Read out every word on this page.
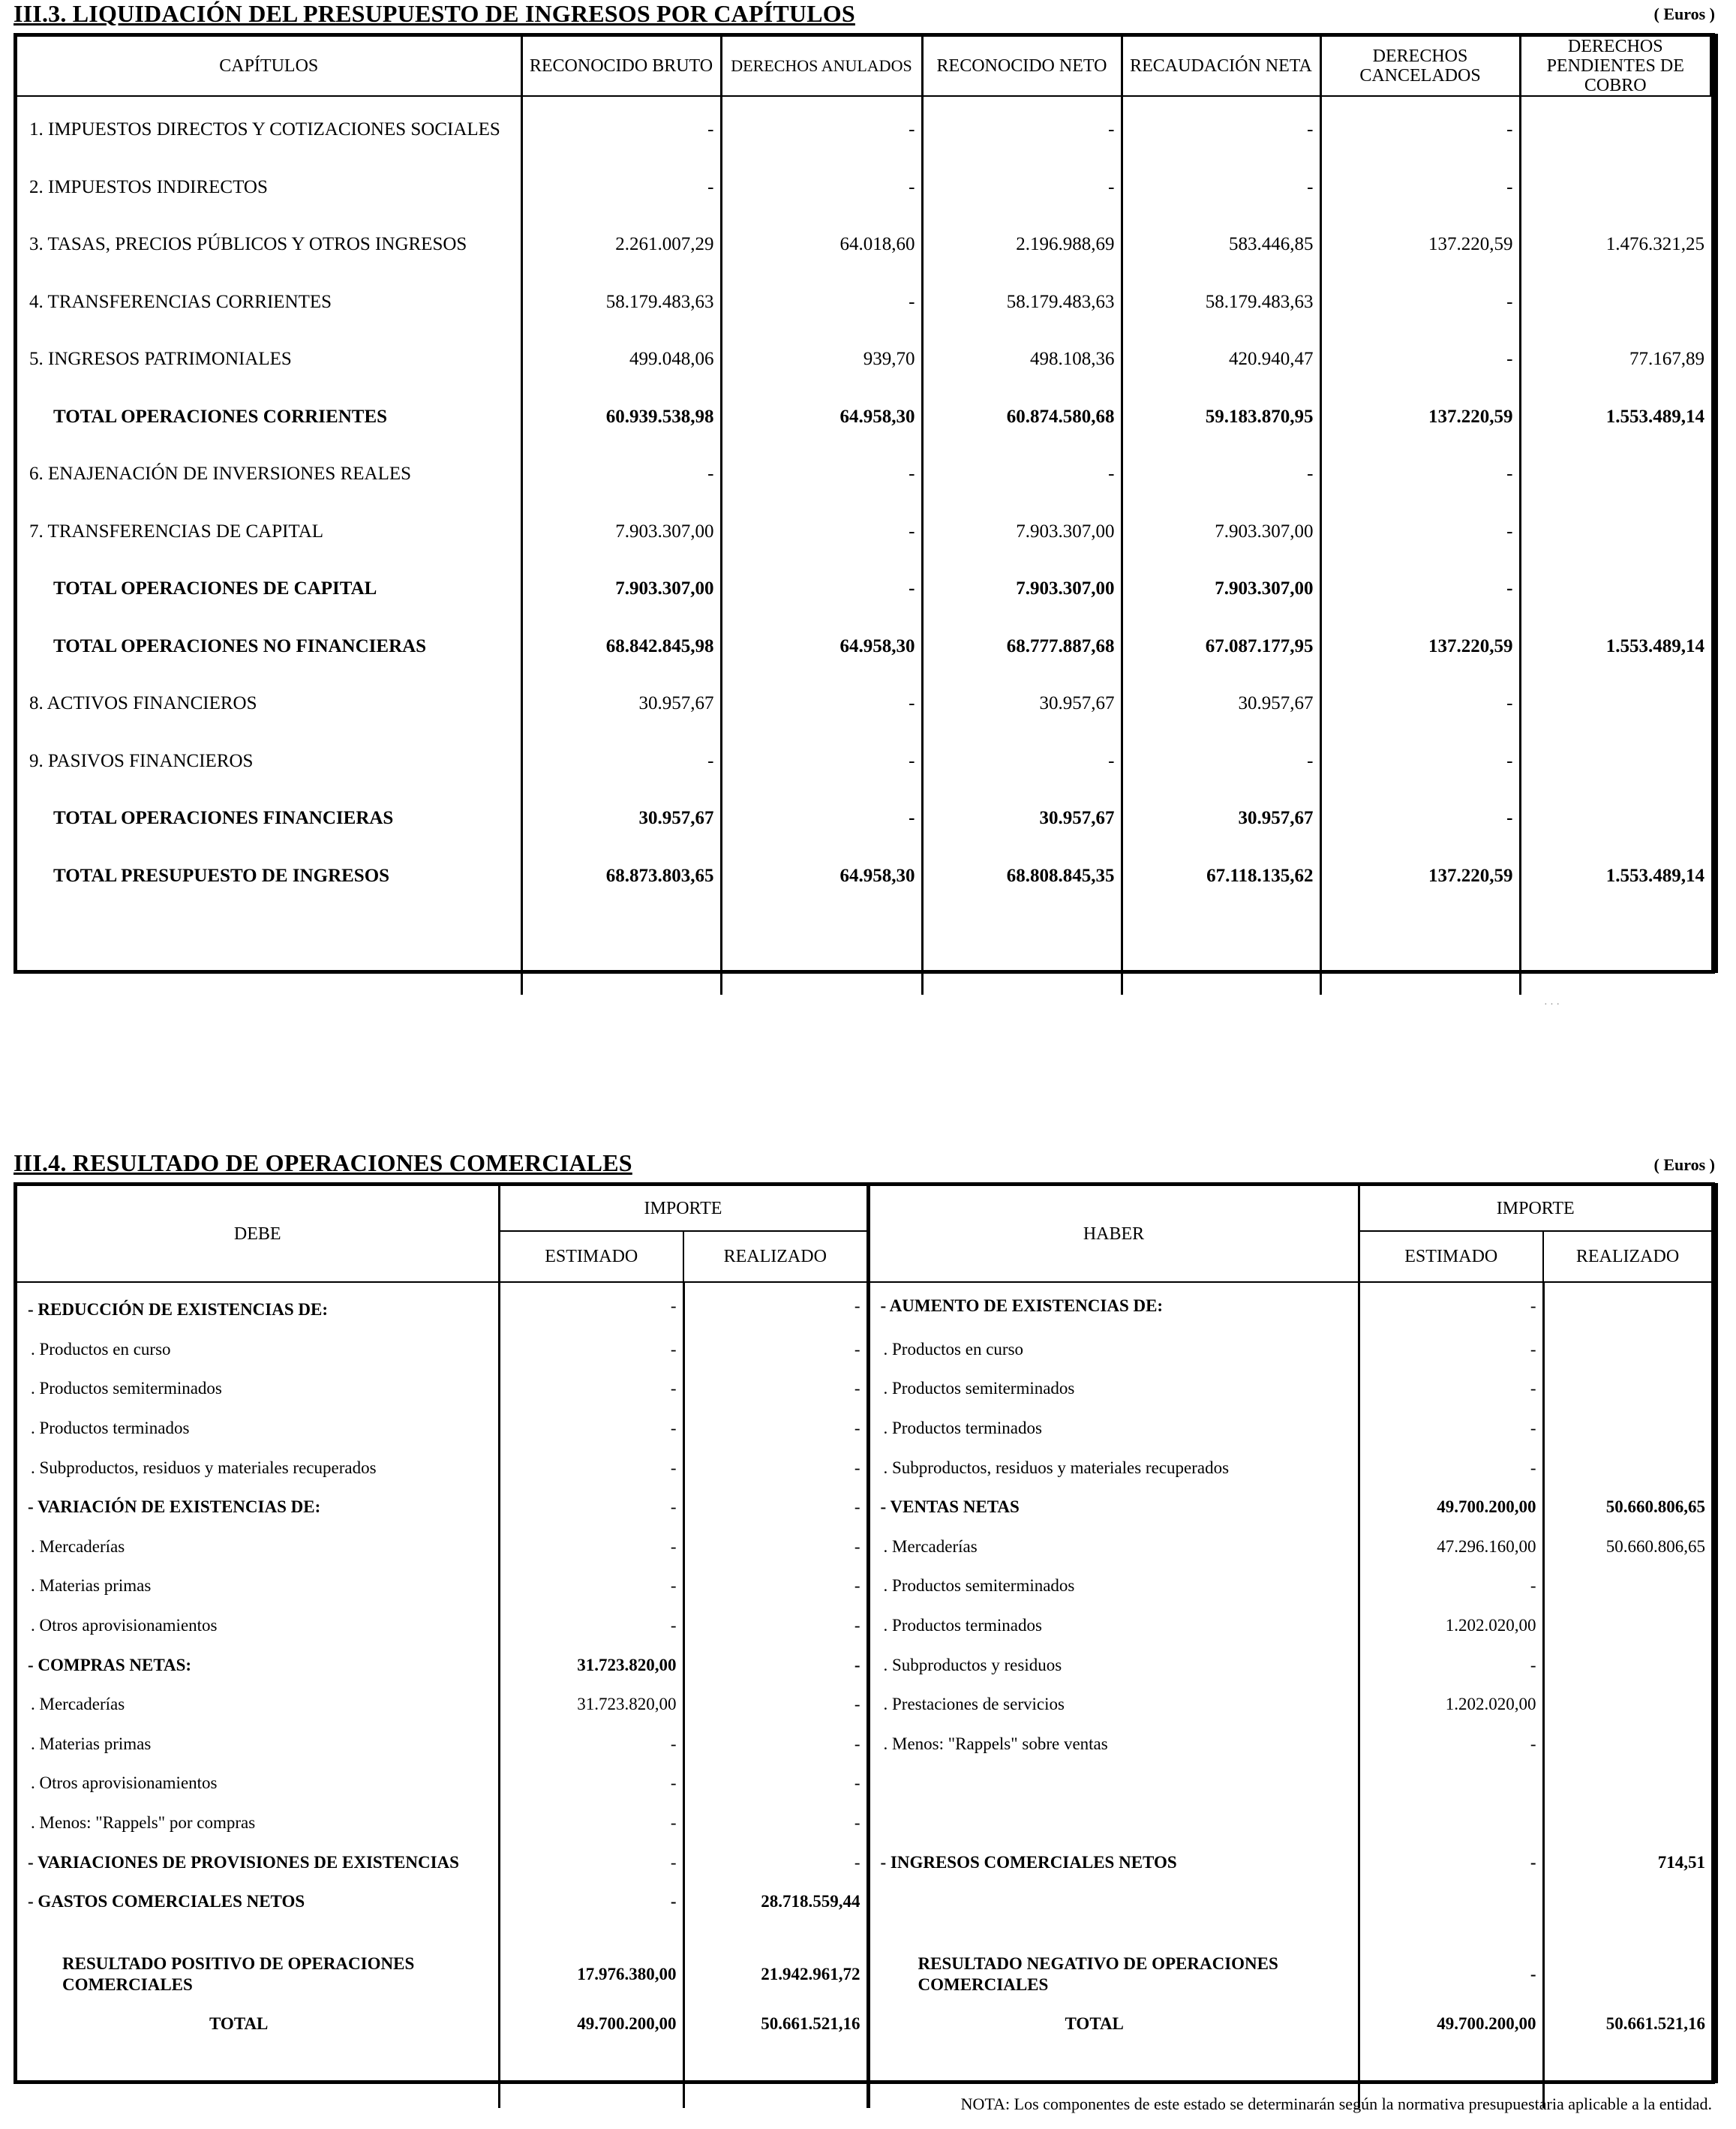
III.3. LIQUIDACIÓN DEL PRESUPUESTO DE INGRESOS POR CAPÍTULOS	( Euros )
CAPÍTULOS	RECONOCIDO BRUTO	DERECHOS ANULADOS	RECONOCIDO NETO	RECAUDACIÓN NETA	DERECHOS CANCELADOS	DERECHOS PENDIENTES DE COBRO
1. IMPUESTOS DIRECTOS Y COTIZACIONES SOCIALES	-	-	-	-	-	
2. IMPUESTOS INDIRECTOS	-	-	-	-	-	
3. TASAS, PRECIOS PÚBLICOS Y OTROS INGRESOS	2.261.007,29	64.018,60	2.196.988,69	583.446,85	137.220,59	1.476.321,25
4. TRANSFERENCIAS CORRIENTES	58.179.483,63	-	58.179.483,63	58.179.483,63	-	
5. INGRESOS PATRIMONIALES	499.048,06	939,70	498.108,36	420.940,47	-	77.167,89
TOTAL OPERACIONES CORRIENTES	60.939.538,98	64.958,30	60.874.580,68	59.183.870,95	137.220,59	1.553.489,14
6. ENAJENACIÓN DE INVERSIONES REALES	-	-	-	-	-	
7. TRANSFERENCIAS DE CAPITAL	7.903.307,00	-	7.903.307,00	7.903.307,00	-	
TOTAL OPERACIONES DE CAPITAL	7.903.307,00	-	7.903.307,00	7.903.307,00	-	
TOTAL OPERACIONES NO FINANCIERAS	68.842.845,98	64.958,30	68.777.887,68	67.087.177,95	137.220,59	1.553.489,14
8. ACTIVOS FINANCIEROS	30.957,67	-	30.957,67	30.957,67	-	
9. PASIVOS FINANCIEROS	-	-	-	-	-	
TOTAL OPERACIONES FINANCIERAS	30.957,67	-	30.957,67	30.957,67	-	
TOTAL PRESUPUESTO DE INGRESOS	68.873.803,65	64.958,30	68.808.845,35	67.118.135,62	137.220,59	1.553.489,14

· · ·
III.4. RESULTADO DE OPERACIONES COMERCIALES	( Euros )
DEBE	IMPORTE		HABER	IMPORTE	
	ESTIMADO	REALIZADO		ESTIMADO	REALIZADO
- REDUCCIÓN DE EXISTENCIAS DE:	-	-	- AUMENTO DE EXISTENCIAS DE:	-	
. Productos en curso	-	-	. Productos en curso	-	
. Productos semiterminados	-	-	. Productos semiterminados	-	
. Productos terminados	-	-	. Productos terminados	-	
. Subproductos, residuos y materiales recuperados	-	-	. Subproductos, residuos y materiales recuperados	-	
- VARIACIÓN DE EXISTENCIAS DE:	-	-	- VENTAS NETAS	49.700.200,00	50.660.806,65
. Mercaderías	-	-	. Mercaderías	47.296.160,00	50.660.806,65
. Materias primas	-	-	. Productos semiterminados	-	
. Otros aprovisionamientos	-	-	. Productos terminados	1.202.020,00	
- COMPRAS NETAS:	31.723.820,00	-	. Subproductos y residuos	-	
. Mercaderías	31.723.820,00	-	. Prestaciones de servicios	1.202.020,00	
. Materias primas	-	-	. Menos: "Rappels" sobre ventas	-	
. Otros aprovisionamientos	-	-			
. Menos: "Rappels" por compras	-	-			
- VARIACIONES DE PROVISIONES DE EXISTENCIAS	-	-	- INGRESOS COMERCIALES NETOS	-	714,51
- GASTOS COMERCIALES NETOS	-	28.718.559,44			

RESULTADO POSITIVO DE OPERACIONES COMERCIALES	17.976.380,00	21.942.961,72	RESULTADO NEGATIVO DE OPERACIONES COMERCIALES	-	
TOTAL	49.700.200,00	50.661.521,16	TOTAL	49.700.200,00	50.661.521,16

NOTA: Los componentes de este estado se determinarán según la normativa presupuestaria aplicable a la entidad.
